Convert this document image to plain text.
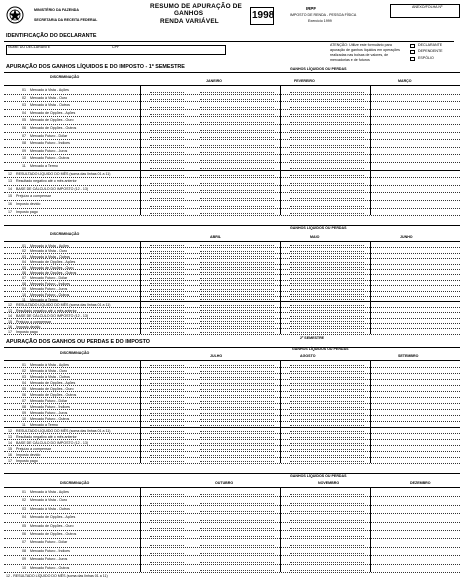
MINISTÉRIO DA FAZENDA
SECRETARIA DA RECEITA FEDERAL
RESUMO DE APURAÇÃO DE
GANHOS
RENDA VARIÁVEL
1998
IRPF
IMPOSTO DE RENDA - PESSOA FÍSICA
Exercício 1999
ANEXO/FOLHA Nº
IDENTIFICAÇÃO DO DECLARANTE
NOME DO DECLARANTE	CPF	ATENÇÃO: Utilize este formulário para
apuração de ganhos líquidos em operações
realizadas nas bolsas de valores, de
mercadorias e de futuros
DECLARANTE
DEPENDENTE
ESPÓLIO
APURAÇÃO DOS GANHOS LÍQUIDOS E DO IMPOSTO - 1º SEMESTRE	GANHOS LÍQUIDOS OU PERDAS
DISCRIMINAÇÃO
JANEIRO	FEVEREIRO	MARÇO
01 Mercado à Vista - Ações
02 Mercado à Vista - Ouro
03 Mercado à Vista - Outros
04 Mercado de Opções - Ações
05 Mercado de Opções - Ouro
06 Mercado de Opções - Outros
07 Mercado Futuro - Dólar
08 Mercado Futuro - Índices
09 Mercado Futuro - Juros
10 Mercado Futuro - Outros
11 Mercado a Termo
12 RESULTADO LÍQUIDO DO MÊS (soma das linhas 01 a 11)
13 Resultado negativo até o mês anterior
14 BASE DE CÁLCULO DO IMPOSTO (12 - 13)
15 Prejuízo a compensar
16 Imposto devido
17 Imposto pago
GANHOS LÍQUIDOS OU PERDAS
DISCRIMINAÇÃO
ABRIL	MAIO	JUNHO
01 Mercado à Vista - Ações
02 Mercado à Vista - Ouro
03 Mercado à Vista - Outros
04 Mercado de Opções - Ações
05 Mercado de Opções - Ouro
06 Mercado de Opções - Outros
07 Mercado Futuro - Dólar
08 Mercado Futuro - Índices
09 Mercado Futuro - Juros
10 Mercado Futuro - Outros
11 Mercado a Termo
12 RESULTADO LÍQUIDO DO MÊS (soma das linhas 01 a 11)
13 Resultado negativo até o mês anterior
14 BASE DE CÁLCULO DO IMPOSTO (12 - 13)
15 Prejuízo a compensar
16 Imposto devido
17 Imposto pago
APURAÇÃO DOS GANHOS OU PERDAS E DO IMPOSTO
2º SEMESTRE
GANHOS LÍQUIDOS OU PERDAS
DISCRIMINAÇÃO
JULHO	AGOSTO	SETEMBRO
01 Mercado à Vista - Ações
02 Mercado à Vista - Ouro
03 Mercado à Vista - Outros
04 Mercado de Opções - Ações
05 Mercado de Opções - Ouro
06 Mercado de Opções - Outros
07 Mercado Futuro - Dólar
08 Mercado Futuro - Índices
09 Mercado Futuro - Juros
10 Mercado Futuro - Outros
11 Mercado a Termo
12 RESULTADO LÍQUIDO DO MÊS (soma das linhas 01 a 11)
13 Resultado negativo até o mês anterior
14 BASE DE CÁLCULO DO IMPOSTO (12 - 13)
15 Prejuízo a compensar
16 Imposto devido
17 Imposto pago
GANHOS LÍQUIDOS OU PERDAS
DISCRIMINAÇÃO	OUTUBRO	NOVEMBRO	DEZEMBRO
01 Mercado à Vista - Ações
02 Mercado à Vista - Ouro
03 Mercado à Vista - Outros
04 Mercado de Opções - Ações
05 Mercado de Opções - Ouro
06 Mercado de Opções - Outros
07 Mercado Futuro - Dólar
08 Mercado Futuro - Índices
09 Mercado Futuro - Juros
10 Mercado Futuro - Outros
12 - RESULTADO LÍQUIDO DO MÊS (soma das linhas 01 a 11)
